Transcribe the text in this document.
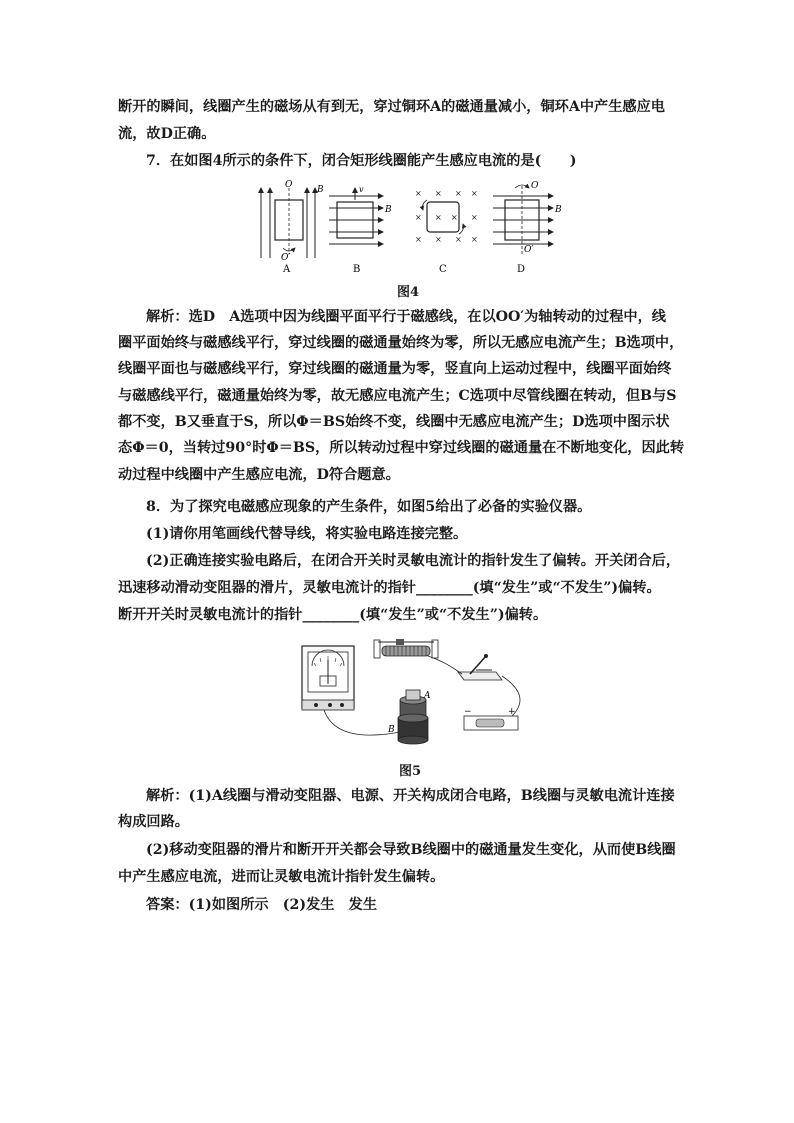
断开的瞬间，线圈产生的磁场从有到无，穿过铜环A的磁通量减小，铜环A中产生感应电
流，故D正确。
7．在如图4所示的条件下，闭合矩形线圈能产生感应电流的是(　　)
O
O′
B
A
v
B
B
× × × ×
×	×
× × × ×
× ×
C
O
O′
B
D
图4
解析：选D　A选项中因为线圈平面平行于磁感线，在以OO′为轴转动的过程中，线
圈平面始终与磁感线平行，穿过线圈的磁通量始终为零，所以无感应电流产生；B选项中，
线圈平面也与磁感线平行，穿过线圈的磁通量为零，竖直向上运动过程中，线圈平面始终
与磁感线平行，磁通量始终为零，故无感应电流产生；C选项中尽管线圈在转动，但B与S
都不变，B又垂直于S，所以Φ＝BS始终不变，线圈中无感应电流产生；D选项中图示状
态Φ＝0，当转过90°时Φ＝BS，所以转动过程中穿过线圈的磁通量在不断地变化，因此转
动过程中线圈中产生感应电流，D符合题意。
8．为了探究电磁感应现象的产生条件，如图5给出了必备的实验仪器。
(1)请你用笔画线代替导线，将实验电路连接完整。
(2)正确连接实验电路后，在闭合开关时灵敏电流计的指针发生了偏转。开关闭合后，
迅速移动滑动变阻器的滑片，灵敏电流计的指针________(填“发生”或“不发生”)偏转。
断开开关时灵敏电流计的指针________(填“发生”或“不发生”)偏转。
A
B
−	+
图5
解析：(1)A线圈与滑动变阻器、电源、开关构成闭合电路，B线圈与灵敏电流计连接
构成回路。
(2)移动变阻器的滑片和断开开关都会导致B线圈中的磁通量发生变化，从而使B线圈
中产生感应电流，进而让灵敏电流计指针发生偏转。
答案：(1)如图所示　(2)发生　发生
